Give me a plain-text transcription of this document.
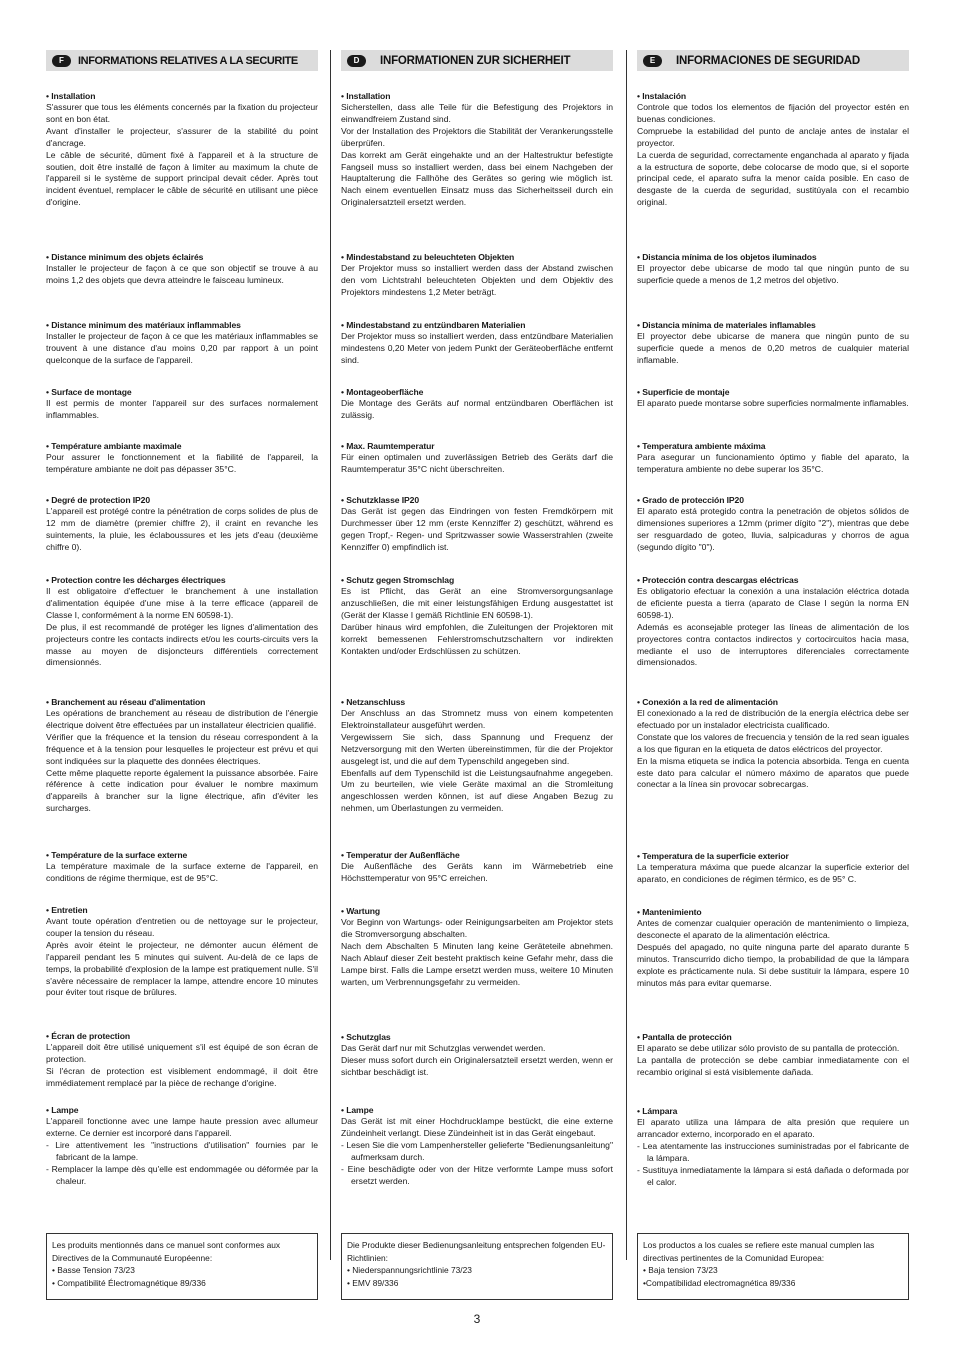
F	INFORMATIONS RELATIVES A LA SECURITE
• Installation
S'assurer que tous les éléments concernés par la fixation du projecteur sont en bon état.
Avant d'installer le projecteur, s'assurer de la stabilité du point d'ancrage.
Le câble de sécurité, dûment fixé à l'appareil et à la structure de soutien, doit être installé de façon à limiter au maximum la chute de l'appareil si le système de support principal devait céder. Après tout incident éventuel, remplacer le câble de sécurité en utilisant une pièce d'origine.
• Distance minimum des objets éclairés
Installer le projecteur de façon à ce que son objectif se trouve à au moins 1,2 des objets que devra atteindre le faisceau lumineux.
• Distance minimum des matériaux inflammables
Installer le projecteur de façon à ce que les matériaux inflammables se trouvent à une distance d'au moins 0,20 par rapport à un point quelconque de la surface de l'appareil.
• Surface de montage
Il est permis de monter l'appareil sur des surfaces normalement inflammables.
• Température ambiante maximale
Pour assurer le fonctionnement et la fiabilité de l'appareil, la température ambiante ne doit pas dépasser 35°C.
• Degré de protection IP20
L'appareil est protégé contre la pénétration de corps solides de plus de 12 mm de diamètre (premier chiffre 2), il craint en revanche les suintements, la pluie, les éclaboussures et les jets d'eau (deuxième chiffre 0).
• Protection contre les décharges électriques
Il est obligatoire d'effectuer le branchement à une installation d'alimentation équipée d'une mise à la terre efficace (appareil de Classe I, conformément à la norme EN 60598-1).
De plus, il est recommandé de protéger les lignes d'alimentation des projecteurs contre les contacts indirects et/ou les courts-circuits vers la masse au moyen de disjoncteurs différentiels correctement dimensionnés.
• Branchement au réseau d'alimentation
Les opérations de branchement au réseau de distribution de l'énergie électrique doivent être effectuées par un installateur électricien qualifié.
Vérifier que la fréquence et la tension du réseau correspondent à la fréquence et à la tension pour lesquelles le projecteur est prévu et qui sont indiquées sur la plaquette des données électriques.
Cette même plaquette reporte également la puissance absorbée. Faire référence à cette indication pour évaluer le nombre maximum d'appareils à brancher sur la ligne électrique, afin d'éviter les surcharges.
• Température de la surface externe
La température maximale de la surface externe de l'appareil, en conditions de régime thermique, est de 95°C.
• Entretien
Avant toute opération d'entretien ou de nettoyage sur le projecteur, couper la tension du réseau.
Après avoir éteint le projecteur, ne démonter aucun élément de l'appareil pendant les 5 minutes qui suivent. Au-delà de ce laps de temps, la probabilité d'explosion de la lampe est pratiquement nulle. S'il s'avère nécessaire de remplacer la lampe, attendre encore 10 minutes pour éviter tout risque de brûlures.
• Écran de protection
L'appareil doit être utilisé uniquement s'il est équipé de son écran de protection.
Si l'écran de protection est visiblement endommagé, il doit être immédiatement remplacé par la pièce de rechange d'origine.
• Lampe
L'appareil fonctionne avec une lampe haute pression avec allumeur externe. Ce dernier est incorporé dans l'appareil.
- Lire attentivement les "instructions d'utilisation" fournies par le fabricant de la lampe.
- Remplacer la lampe dès qu'elle est endommagée ou déformée par la chaleur.
D	INFORMATIONEN ZUR SICHERHEIT
• Installation
Sicherstellen, dass alle Teile für die Befestigung des Projektors in einwandfreiem Zustand sind.
Vor der Installation des Projektors die Stabilität der Verankerungsstelle überprüfen.
Das korrekt am Gerät eingehakte und an der Haltestruktur befestigte Fangseil muss so installiert werden, dass bei einem Nachgeben der Hauptalterung die Fallhöhe des Gerätes so gering wie möglich ist. Nach einem eventuellen Einsatz muss das Sicherheitsseil durch ein Originalersatzteil ersetzt werden.
• Mindestabstand zu beleuchteten Objekten
Der Projektor muss so installiert werden dass der Abstand zwischen den vom Lichtstrahl beleuchteten Objekten und dem Objektiv des Projektors mindestens 1,2 Meter beträgt.
• Mindestabstand zu entzündbaren Materialien
Der Projektor muss so installiert werden, dass entzündbare Materialien mindestens 0,20 Meter von jedem Punkt der Geräteoberfläche entfernt sind.
• Montageoberfläche
Die Montage des Geräts auf normal entzündbaren Oberflächen ist zulässig.
• Max. Raumtemperatur
Für einen optimalen und zuverlässigen Betrieb des Geräts darf die Raumtemperatur 35°C nicht überschreiten.
• Schutzklasse IP20
Das Gerät ist gegen das Eindringen von festen Fremdkörpern mit Durchmesser über 12 mm (erste Kennziffer 2) geschützt, während es gegen Tropf,- Regen- und Spritzwasser sowie Wasserstrahlen (zweite Kennziffer 0) empfindlich ist.
• Schutz gegen Stromschlag
Es ist Pflicht, das Gerät an eine Stromversorgungsanlage anzuschließen, die mit einer leistungsfähigen Erdung ausgestattet ist (Gerät der Klasse I gemäß Richtlinie EN 60598-1).
Darüber hinaus wird empfohlen, die Zuleitungen der Projektoren mit korrekt bemessenen Fehlerstromschutzschaltern vor indirekten Kontakten und/oder Erdschlüssen zu schützen.
• Netzanschluss
Der Anschluss an das Stromnetz muss von einem kompetenten Elektroinstallateur ausgeführt werden.
Vergewissern Sie sich, dass Spannung und Frequenz der Netzversorgung mit den Werten übereinstimmen, für die der Projektor ausgelegt ist, und die auf dem Typenschild angegeben sind.
Ebenfalls auf dem Typenschild ist die Leistungsaufnahme angegeben. Um zu beurteilen, wie viele Geräte maximal an die Stromleitung angeschlossen werden können, ist auf diese Angaben Bezug zu nehmen, um Überlastungen zu vermeiden.
• Temperatur der Außenfläche
Die Außenfläche des Geräts kann im Wärmebetrieb eine Höchsttemperatur von 95°C erreichen.
• Wartung
Vor Beginn von Wartungs- oder Reinigungsarbeiten am Projektor stets die Stromversorgung abschalten.
Nach dem Abschalten 5 Minuten lang keine Geräteteile abnehmen. Nach Ablauf dieser Zeit besteht praktisch keine Gefahr mehr, dass die Lampe birst. Falls die Lampe ersetzt werden muss, weitere 10 Minuten warten, um Verbrennungsgefahr zu vermeiden.
• Schutzglas
Das Gerät darf nur mit Schutzglas verwendet werden.
Dieser muss sofort durch ein Originalersatzteil ersetzt werden, wenn er sichtbar beschädigt ist.
• Lampe
Das Gerät ist mit einer Hochdrucklampe bestückt, die eine externe Zündeinheit verlangt. Diese Zündeinheit ist in das Gerät eingebaut.
- Lesen Sie die vom Lampenhersteller gelieferte "Bedienungsanleitung" aufmerksam durch.
- Eine beschädigte oder von der Hitze verformte Lampe muss sofort ersetzt werden.
E	INFORMACIONES DE SEGURIDAD
• Instalación
Controle que todos los elementos de fijación del proyector estén en buenas condiciones.
Compruebe la estabilidad del punto de anclaje antes de instalar el proyector.
La cuerda de seguridad, correctamente enganchada al aparato y fijada a la estructura de soporte, debe colocarse de modo que, si el soporte principal cede, el aparato sufra la menor caída posible. En caso de desgaste de la cuerda de seguridad, sustitúyala con el recambio original.
• Distancia mínima de los objetos iluminados
El proyector debe ubicarse de modo tal que ningún punto de su superficie quede a menos de 1,2 metros del objetivo.
• Distancia mínima de materiales inflamables
El proyector debe ubicarse de manera que ningún punto de su superficie quede a menos de 0,20 metros de cualquier material inflamable.
• Superficie de montaje
El aparato puede montarse sobre superficies normalmente inflamables.
• Temperatura ambiente máxima
Para asegurar un funcionamiento óptimo y fiable del aparato, la temperatura ambiente no debe superar los 35°C.
• Grado de protección IP20
El aparato está protegido contra la penetración de objetos sólidos de dimensiones superiores a 12mm (primer dígito "2"), mientras que debe ser resguardado de goteo, lluvia, salpicaduras y chorros de agua (segundo dígito "0").
• Protección contra descargas eléctricas
Es obligatorio efectuar la conexión a una instalación eléctrica dotada de eficiente puesta a tierra (aparato de Clase I según la norma EN 60598-1).
Además es aconsejable proteger las líneas de alimentación de los proyectores contra contactos indirectos y cortocircuitos hacia masa, mediante el uso de interruptores diferenciales correctamente dimensionados.
• Conexión a la red de alimentación
El conexionado a la red de distribución de la energía eléctrica debe ser efectuado por un instalador electricista cualificado.
Constate que los valores de frecuencia y tensión de la red sean iguales a los que figuran en la etiqueta de datos eléctricos del proyector.
En la misma etiqueta se indica la potencia absorbida. Tenga en cuenta este dato para calcular el número máximo de aparatos que puede conectar a la línea sin provocar sobrecargas.
• Temperatura de la superficie exterior
La temperatura máxima que puede alcanzar la superficie exterior del aparato, en condiciones de régimen térmico, es de 95° C.
• Mantenimiento
Antes de comenzar cualquier operación de mantenimiento o limpieza, desconecte el aparato de la alimentación eléctrica.
Después del apagado, no quite ninguna parte del aparato durante 5 minutos. Transcurrido dicho tiempo, la probabilidad de que la lámpara explote es prácticamente nula. Si debe sustituir la lámpara, espere 10 minutos más para evitar quemarse.
• Pantalla de protección
El aparato se debe utilizar sólo provisto de su pantalla de protección.
La pantalla de protección se debe cambiar inmediatamente con el recambio original si está visiblemente dañada.
• Lámpara
El aparato utiliza una lámpara de alta presión que requiere un arrancador externo, incorporado en el aparato.
- Lea atentamente las instrucciones suministradas por el fabricante de la lámpara.
- Sustituya inmediatamente la lámpara si está dañada o deformada por el calor.
Les produits mentionnés dans ce manuel sont conformes aux Directives de la Communauté Européenne:
• Basse Tension 73/23
• Compatibilité Électromagnétique 89/336
Die Produkte dieser Bedienungsanleitung entsprechen folgenden EU-Richtlinien:
• Niederspannungsrichtlinie 73/23
• EMV 89/336
Los productos a los cuales se refiere este manual cumplen las directivas pertinentes de la Comunidad Europea:
• Baja tension 73/23
•Compatibilidad electromagnética 89/336
3
